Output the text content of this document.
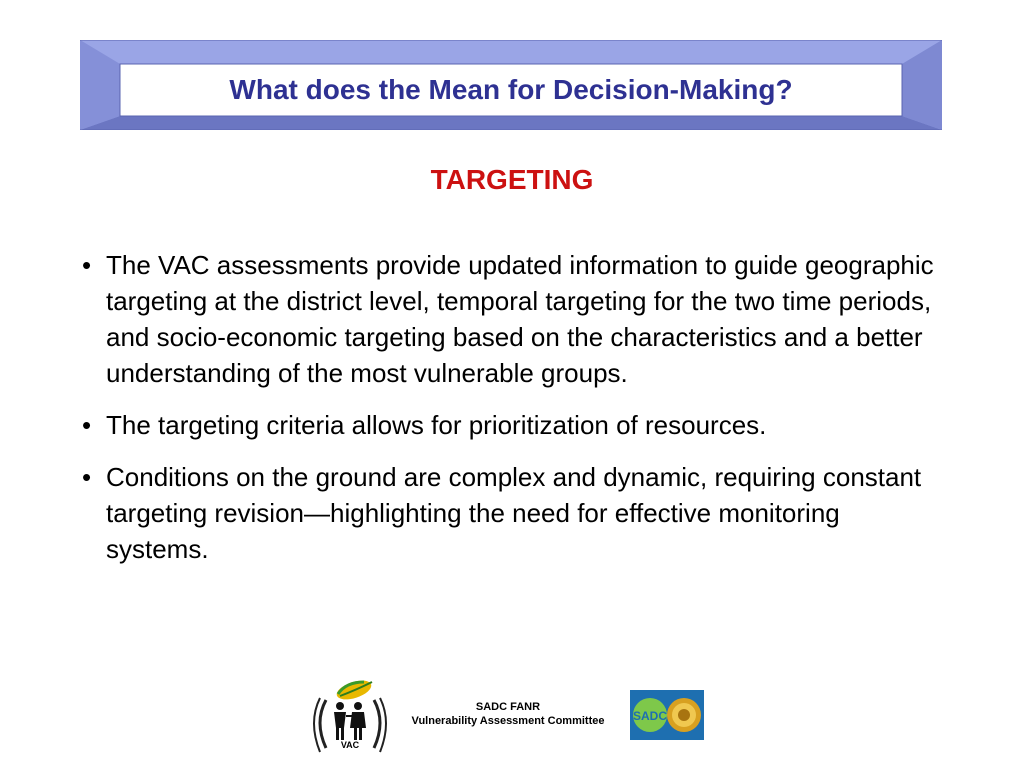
What does the Mean for Decision-Making?
TARGETING
• The VAC assessments provide updated information to guide geographic targeting at the district level, temporal targeting for the two time periods, and socio-economic targeting based on the characteristics and a better understanding of the most vulnerable groups.
• The targeting criteria allows for prioritization of resources.
• Conditions on the ground are complex and dynamic, requiring constant targeting revision—highlighting the need for effective monitoring systems.
VAC
SADC FANR
Vulnerability Assessment Committee	SADC
